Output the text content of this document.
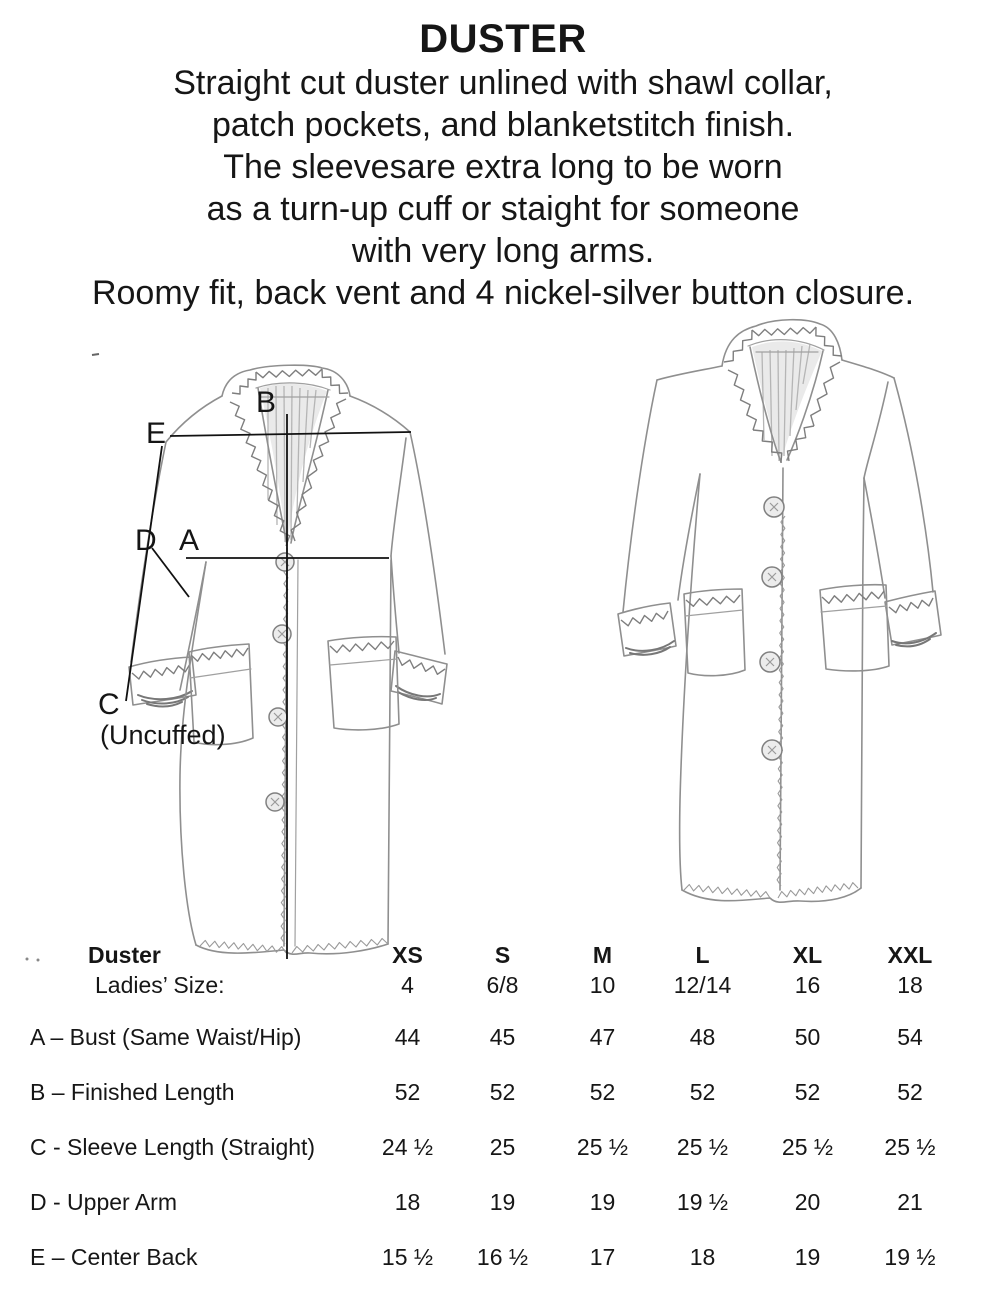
DUSTER
Straight cut duster unlined with shawl collar,
patch pockets, and blanketstitch finish.
The sleevesare extra long to be worn
as a turn-up cuff or staight for someone
with very long arms.
Roomy fit, back vent and 4 nickel-silver button closure.
B
E
D A
C
(Uncuffed)
Duster	XS	S	M	L	XL	XXL
Ladies’ Size:	4	6/8	10	12/14	16	18
A – Bust (Same Waist/Hip)	44	45	47	48	50	54
B – Finished Length	52	52	52	52	52	52
C - Sleeve Length (Straight)	24 ½	25	25 ½	25 ½	25 ½	25 ½
D - Upper Arm	18	19	19	19 ½	20	21
E – Center Back	15 ½	16 ½	17	18	19	19 ½
